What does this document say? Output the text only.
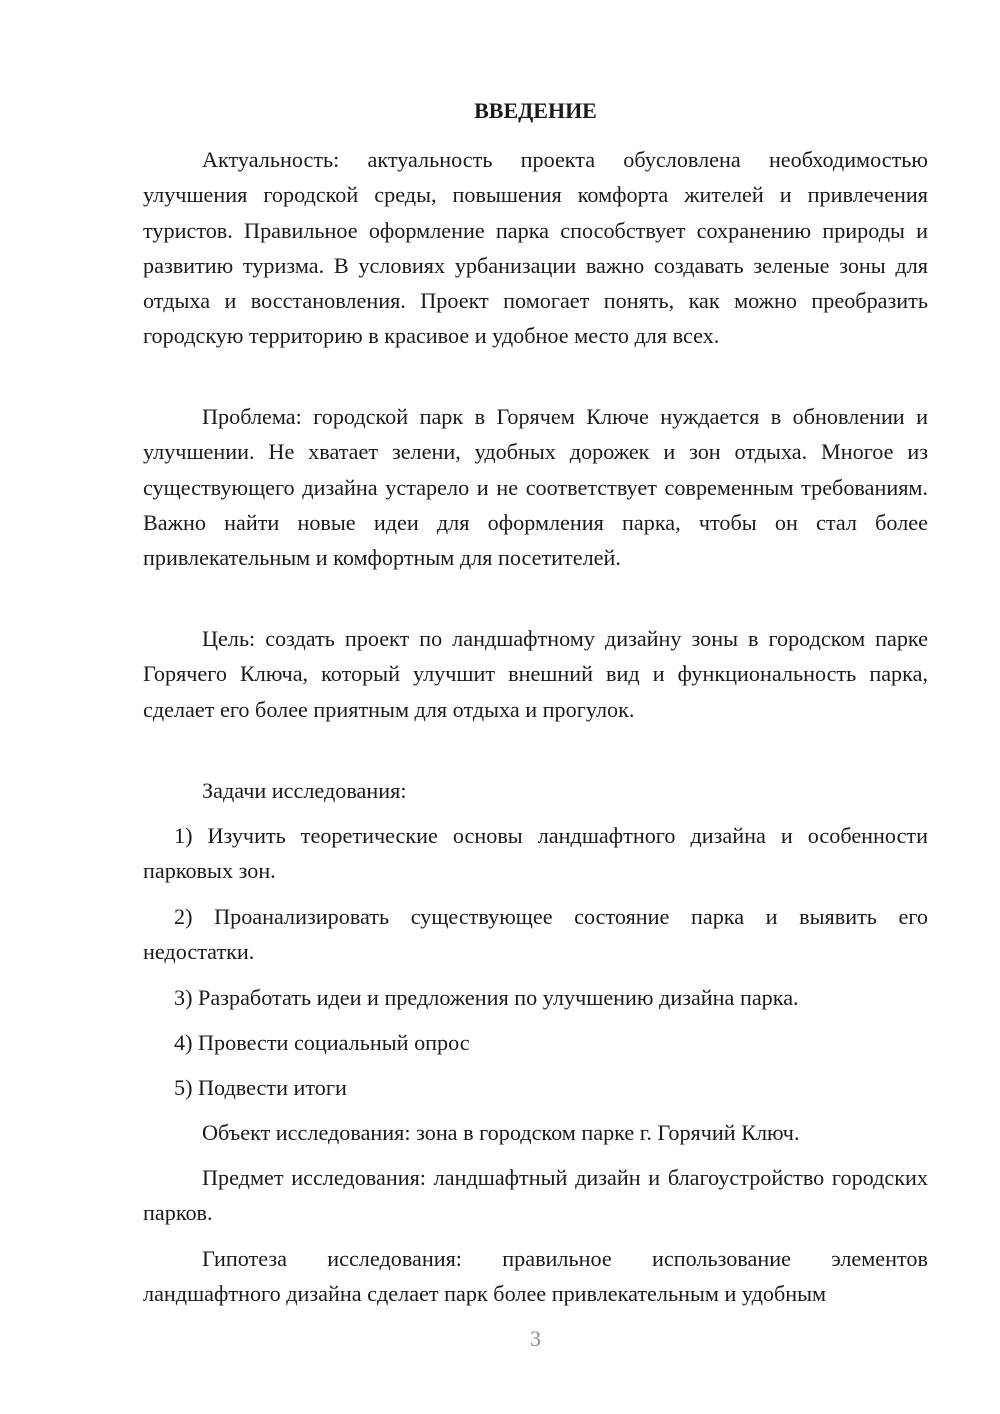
ВВЕДЕНИЕ

Актуальность: актуальность проекта обусловлена необходимостью улучшения городской среды, повышения комфорта жителей и привлечения туристов. Правильное оформление парка способствует сохранению природы и развитию туризма. В условиях урбанизации важно создавать зеленые зоны для отдыха и восстановления. Проект помогает понять, как можно преобразить городскую территорию в красивое и удобное место для всех.

Проблема: городской парк в Горячем Ключе нуждается в обновлении и улучшении. Не хватает зелени, удобных дорожек и зон отдыха. Многое из существующего дизайна устарело и не соответствует современным требованиям. Важно найти новые идеи для оформления парка, чтобы он стал более привлекательным и комфортным для посетителей.

Цель: создать проект по ландшафтному дизайну зоны в городском парке Горячего Ключа, который улучшит внешний вид и функциональность парка, сделает его более приятным для отдыха и прогулок.

Задачи исследования:

1) Изучить теоретические основы ландшафтного дизайна и особенности парковых зон.

2) Проанализировать существующее состояние парка и выявить его недостатки.

3) Разработать идеи и предложения по улучшению дизайна парка.

4) Провести социальный опрос

5) Подвести итоги

Объект исследования: зона в городском парке г. Горячий Ключ.

Предмет исследования: ландшафтный дизайн и благоустройство городских парков.

Гипотеза исследования: правильное использование элементов ландшафтного дизайна сделает парк более привлекательным и удобным

3
